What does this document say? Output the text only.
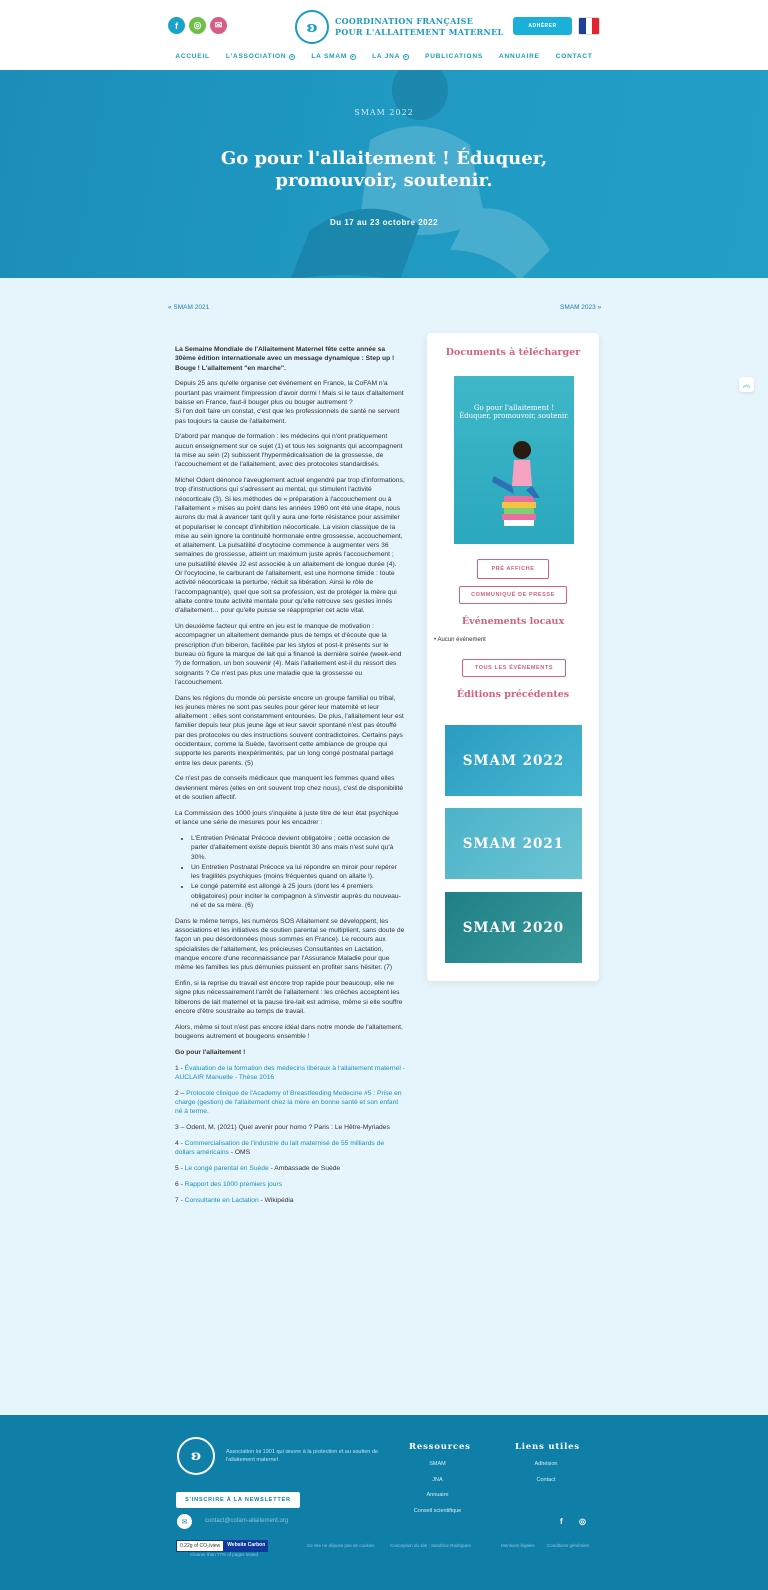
f	◎	✉	ʚ	COORDINATION FRANÇAISE
POUR L'ALLAITEMENT MATERNEL
ADHÉRER
ACCUEIL L'ASSOCIATION	▾	LA SMAM	▾	LA JNA	▾	PUBLICATIONS ANNUAIRE CONTACT
SMAM 2022
Go pour l'allaitement ! Éduquer,
promouvoir, soutenir.
Du 17 au 23 octobre 2022
« SMAM 2021	SMAM 2023 »

La Semaine Mondiale de l'Allaitement Maternel fête cette année sa 30ème édition internationale avec un message dynamique : Step up ! Bouge ! L'allaitement "en marche".

Depuis 25 ans qu'elle organise cet événement en France, la CoFAM n'a pourtant pas vraiment l'impression d'avoir dormi ! Mais si le taux d'allaitement baisse en France, faut-il bouger plus ou bouger autrement ?
Si l'on doit faire un constat, c'est que les professionnels de santé ne servent pas toujours la cause de l'allaitement.

D'abord par manque de formation : les médecins qui n'ont pratiquement aucun enseignement sur ce sujet (1) et tous les soignants qui accompagnent la mise au sein (2) subissent l'hypermédicalisation de la grossesse, de l'accouchement et de l'allaitement, avec des protocoles standardisés.

Michel Odent dénonce l'aveuglement actuel engendré par trop d'informations, trop d'instructions qui s'adressent au mental, qui stimulent l'activité néocorticale (3). Si les méthodes de « préparation à l'accouchement ou à l'allaitement » mises au point dans les années 1960 ont été une étape, nous aurons du mal à avancer tant qu'il y aura une forte résistance pour assimiler et populariser le concept d'inhibition néocorticale. La vision classique de la mise au sein ignore la continuité hormonale entre grossesse, accouchement, et allaitement. La pulsatilité d'ocytocine commence à augmenter vers 36 semaines de grossesse, atteint un maximum juste après l'accouchement ; une pulsatilité élevée J2 est associée à un allaitement de longue durée (4). Or l'ocytocine, le carburant de l'allaitement, est une hormone timide : toute activité néocorticale la perturbe, réduit sa libération. Ainsi le rôle de l'accompagnant(e), quel que soit sa profession, est de protéger la mère qui allaite contre toute activité mentale pour qu'elle retrouve ses gestes innés d'allaitement… pour qu'elle puisse se réapproprier cet acte vital.

Un deuxième facteur qui entre en jeu est le manque de motivation : accompagner un allaitement demande plus de temps et d'écoute que la prescription d'un biberon, facilitée par les stylos et post-it présents sur le bureau où figure la marque de lait qui a financé la dernière soirée (week-end ?) de formation, un bon souvenir (4). Mais l'allaitement est-il du ressort des soignants ? Ce n'est pas plus une maladie que la grossesse ou l'accouchement.

Dans les régions du monde où persiste encore un groupe familial ou tribal, les jeunes mères ne sont pas seules pour gérer leur maternité et leur allaitement : elles sont constamment entourées. De plus, l'allaitement leur est familier depuis leur plus jeune âge et leur savoir spontané n'est pas étouffé par des protocoles ou des instructions souvent contradictoires. Certains pays occidentaux, comme la Suède, favorisent cette ambiance de groupe qui supporte les parents inexpérimentés, par un long congé postnatal partagé entre les deux parents. (5)

Ce n'est pas de conseils médicaux que manquent les femmes quand elles deviennent mères (elles en ont souvent trop chez nous), c'est de disponibilité et de soutien affectif.

La Commission des 1000 jours s'inquiète à juste titre de leur état psychique et lance une série de mesures pour les encadrer :

• L'Entretien Prénatal Précoce devient obligatoire ; cette occasion de parler d'allaitement existe depuis bientôt 30 ans mais n'est suivi qu'à 30%.
• Un Entretien Postnatal Précoce va lui répondre en miroir pour repérer les fragilités psychiques (moins fréquentes quand on allaite !).
• Le congé paternité est allongé à 25 jours (dont les 4 premiers obligatoires) pour inciter le compagnon à s'investir auprès du nouveau-né et de sa mère. (6)

Dans le même temps, les numéros SOS Allaitement se développent, les associations et les initiatives de soutien parental se multiplient, sans doute de façon un peu désordonnées (nous sommes en France). Le recours aux spécialistes de l'allaitement, les précieuses Consultantes en Lactation, manque encore d'une reconnaissance par l'Assurance Maladie pour que même les familles les plus démunies puissent en profiter sans hésiter. (7)

Enfin, si la reprise du travail est encore trop rapide pour beaucoup, elle ne signe plus nécessairement l'arrêt de l'allaitement : les crèches acceptent les biberons de lait maternel et la pause tire-lait est admise, même si elle souffre encore d'être soustraite au temps de travail.

Alors, même si tout n'est pas encore idéal dans notre monde de l'allaitement, bougeons autrement et bougeons ensemble !

Go pour l'allaitement !

1 - Évaluation de la formation des médecins libéraux à l'allaitement maternel - AUCLAIR Manuelle - Thèse 2016

2 – Protocole clinique de l'Academy of Breastfeeding Medecine #5 : Prise en charge (gestion) de l'allaitement chez la mère en bonne santé et son enfant né à terme.

3 – Odent, M. (2021) Quel avenir pour homo ? Paris : Le Hêtre-Myriades

4 - Commercialisation de l'industrie du lait maternisé de 55 milliards de dollars américains - OMS

5 - Le congé parental en Suède - Ambassade de Suède

6 - Rapport des 1000 premiers jours

7 - Consultante en Lactation - Wikipédia

Documents à télécharger
Go pour l'allaitement !
Éduquer, promouvoir, soutenir.
PRÉ AFFICHE
COMMUNIQUÉ DE PRESSE
Événements locaux
• Aucun événement
TOUS LES ÉVÉNEMENTS
Éditions précédentes
SMAM 2022
SMAM 2021
SMAM 2020
︽
ʚ	Association loi 1901 qui œuvre à la protection et au soutien de l'allaitement maternel
S'INSCRIRE À LA NEWSLETTER
Ressources
SMAM
JNA
Annuaire
Conseil scientifique
Liens utiles
Adhésion
Contact
✉	contact@cofam-allaitement.org	f ◎
0.22g of CO₂/view	Website Carbon
Cleaner than 77% of pages tested
Ce site ne dépose pas de cookies	Conception du site : Sandrine Rodrigues	Mentions légales	Conditions générales
